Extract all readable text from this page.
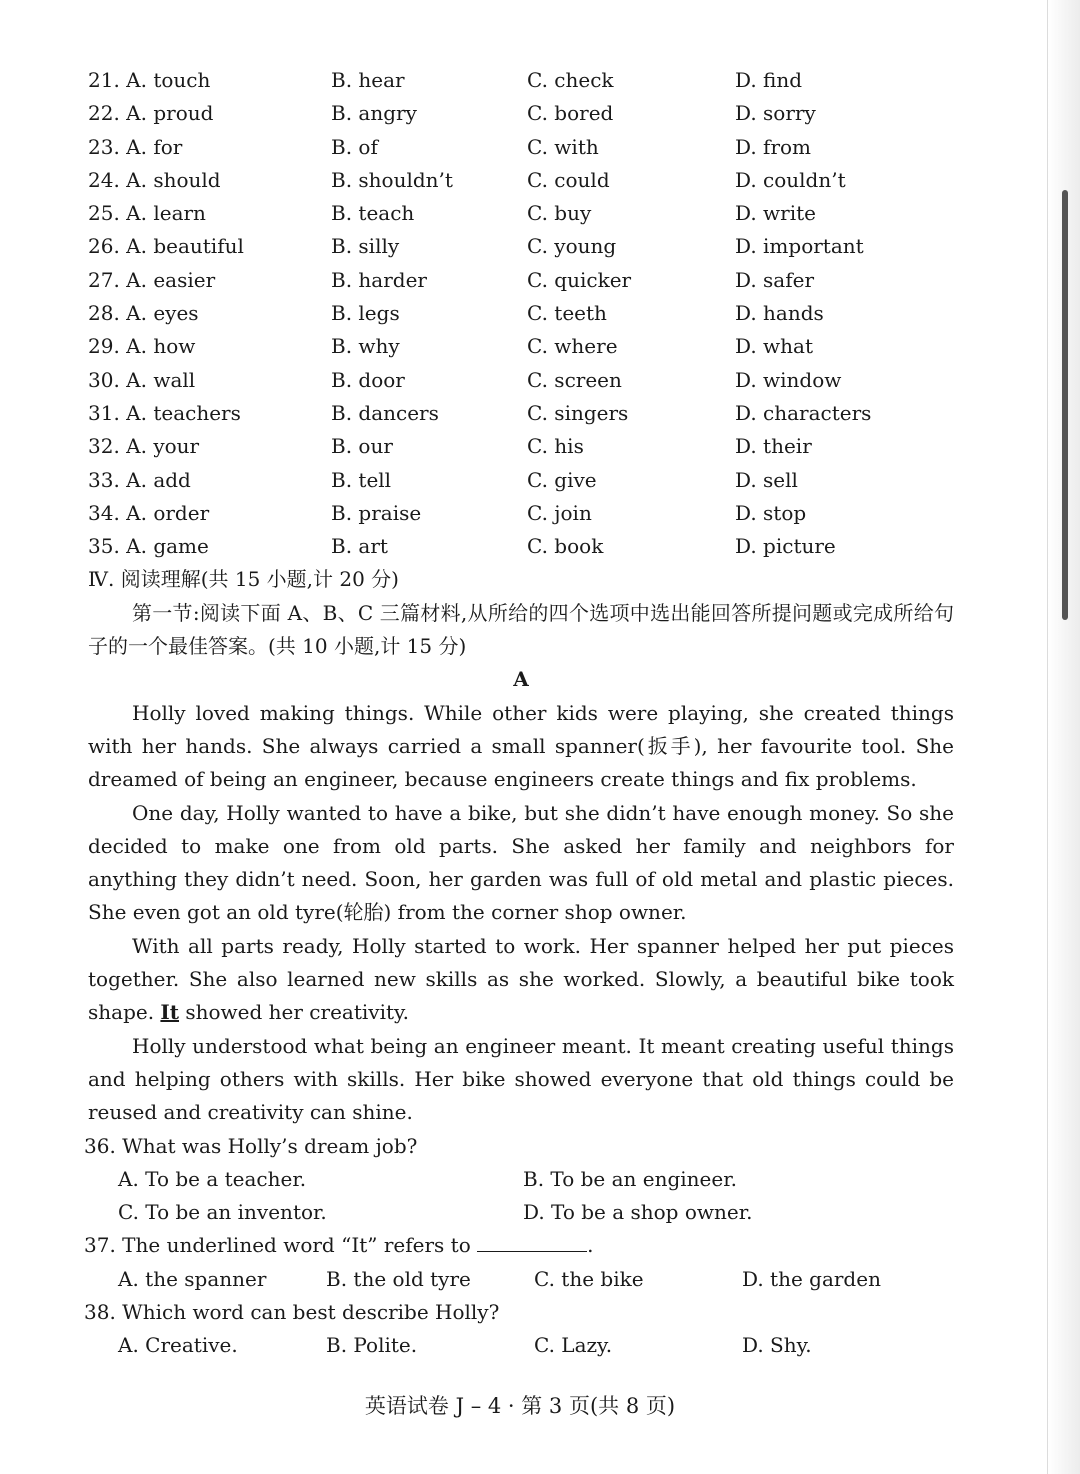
21. A. touch	B. hear	C. check	D. find
22. A. proud	B. angry	C. bored	D. sorry
23. A. for	B. of	C. with	D. from
24. A. should	B. shouldn’t	C. could	D. couldn’t
25. A. learn	B. teach	C. buy	D. write
26. A. beautiful	B. silly	C. young	D. important
27. A. easier	B. harder	C. quicker	D. safer
28. A. eyes	B. legs	C. teeth	D. hands
29. A. how	B. why	C. where	D. what
30. A. wall	B. door	C. screen	D. window
31. A. teachers	B. dancers	C. singers	D. characters
32. A. your	B. our	C. his	D. their
33. A. add	B. tell	C. give	D. sell
34. A. order	B. praise	C. join	D. stop
35. A. game	B. art	C. book	D. picture
Ⅳ. 阅读理解(共 15 小题,计 20 分)
第一节:阅读下面 A、B、C 三篇材料,从所给的四个选项中选出能回答所提问题或完成所给句子的一个最佳答案。(共 10 小题,计 15 分)
A
Holly loved making things. While other kids were playing, she created things with her hands. She always carried a small spanner(扳手), her favourite tool. She dreamed of being an engineer, because engineers create things and fix problems.
One day, Holly wanted to have a bike, but she didn’t have enough money. So she decided to make one from old parts. She asked her family and neighbors for anything they didn’t need. Soon, her garden was full of old metal and plastic pieces. She even got an old tyre(轮胎) from the corner shop owner.
With all parts ready, Holly started to work. Her spanner helped her put pieces together. She also learned new skills as she worked. Slowly, a beautiful bike took shape. It showed her creativity.
Holly understood what being an engineer meant. It meant creating useful things and helping others with skills. Her bike showed everyone that old things could be reused and creativity can shine.
36. What was Holly’s dream job?
A. To be a teacher.	B. To be an engineer.
C. To be an inventor.	D. To be a shop owner.
37. The underlined word “It” refers to	.
A. the spanner	B. the old tyre	C. the bike	D. the garden
38. Which word can best describe Holly?
A. Creative.	B. Polite.	C. Lazy.	D. Shy.
英语试卷 J – 4 · 第 3 页(共 8 页)
